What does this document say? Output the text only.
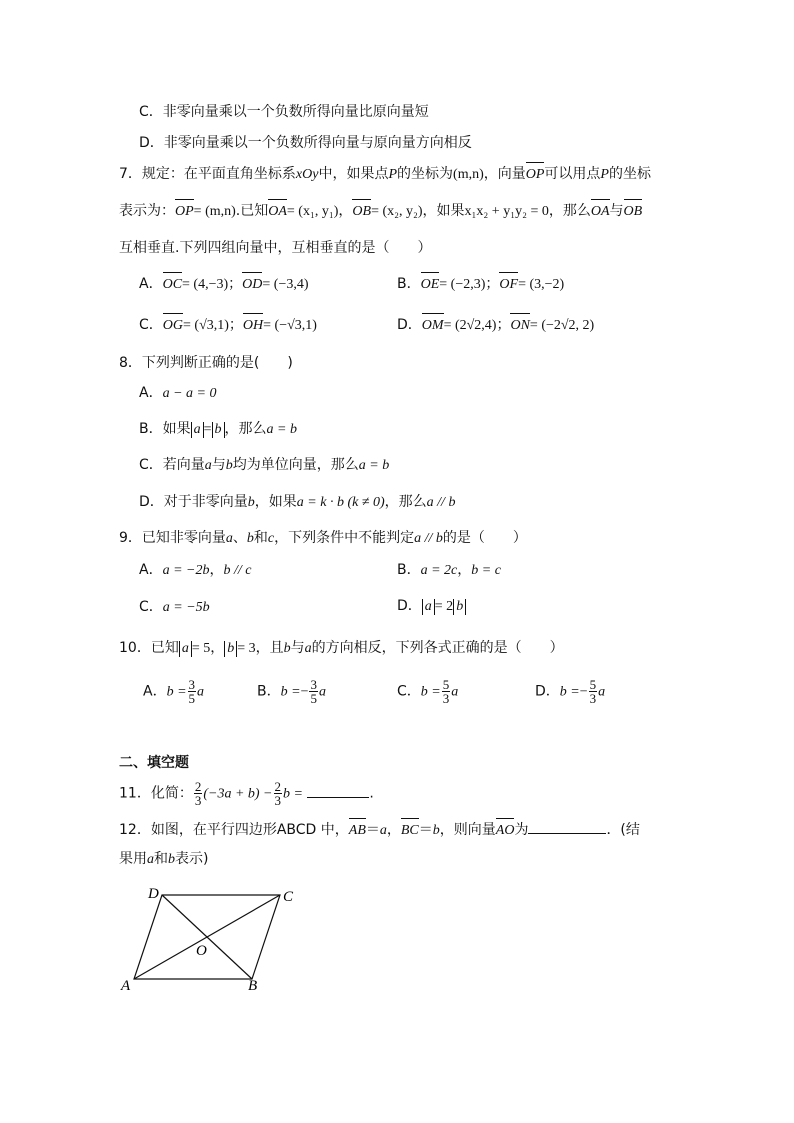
C．非零向量乘以一个负数所得向量比原向量短
D．非零向量乘以一个负数所得向量与原向量方向相反
7．规定：在平面直角坐标系xOy中，如果点P的坐标为(m,n)，向量OP可以用点P的坐标
表示为：OP= (m,n).已知OA= (x₁, y₁)，OB= (x₂, y₂)，如果x₁x₂ + y₁y₂ = 0，那么OA与OB
互相垂直.下列四组向量中，互相垂直的是（　　）
A．OC= (4,−3)；OD= (−3,4)	B．OE= (−2,3)；OF= (3,−2)
C．OG= (√3,1)；OH= (−√3,1)	D．OM= (2√2,4)；ON= (−2√2, 2)
8．下列判断正确的是(　　)
A．a − a = 0
B．如果 a = b ，那么a = b
C．若向量a与b均为单位向量，那么a = b
D．对于非零向量b，如果a = k · b (k ≠ 0)，那么a // b
9．已知非零向量a、b和c，下列条件中不能判定a // b的是（　　）
A．a = −2b，b // c	B．a = 2c，b = c
C．a = −5b	D． a = 2 b
10．已知 a = 5， b = 3，且b与a的方向相反，下列各式正确的是（　　）
A．$b = \frac{3}{5}$ a	B．$b =- \frac{3}{5}$ a	C．$b = \frac{5}{3}$ a	D．$b =- \frac{5}{3}$ a
二、填空题
11．化简： $\frac{2}{3} (-3a + b) - \frac{2}{3}$ b =	.
12．如图，在平行四边形ABCD 中，AB＝a，BC＝b，则向量AO为	．(结
果用a和b表示)
D	C
A	B
O
